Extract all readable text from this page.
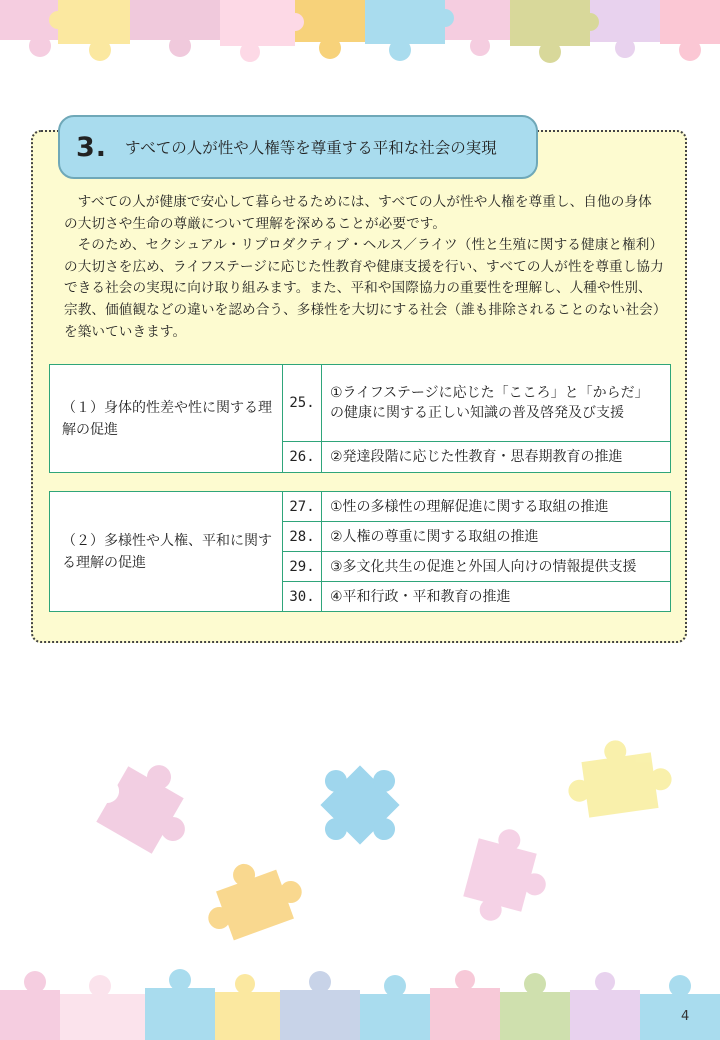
3. すべての人が性や人権等を尊重する平和な社会の実現

すべての人が健康で安心して暮らせるためには、すべての人が性や人権を尊重し、自他の身体の大切さや生命の尊厳について理解を深めることが必要です。

そのため、セクシュアル・リプロダクティブ・ヘルス／ライツ（性と生殖に関する健康と権利）の大切さを広め、ライフステージに応じた性教育や健康支援を行い、すべての人が性を尊重し協力できる社会の実現に向け取り組みます。また、平和や国際協力の重要性を理解し、人種や性別、宗教、価値観などの違いを認め合う、多様性を大切にする社会（誰も排除されることのない社会）を築いていきます。

（１）身体的性差や性に関する理解の促進	25.	①ライフステージに応じた「こころ」と「からだ」の健康に関する正しい知識の普及啓発及び支援
	26.	②発達段階に応じた性教育・思春期教育の推進
（２）多様性や人権、平和に関する理解の促進	27.	①性の多様性の理解促進に関する取組の推進
	28.	②人権の尊重に関する取組の推進
	29.	③多文化共生の促進と外国人向けの情報提供支援
	30.	④平和行政・平和教育の推進
4
